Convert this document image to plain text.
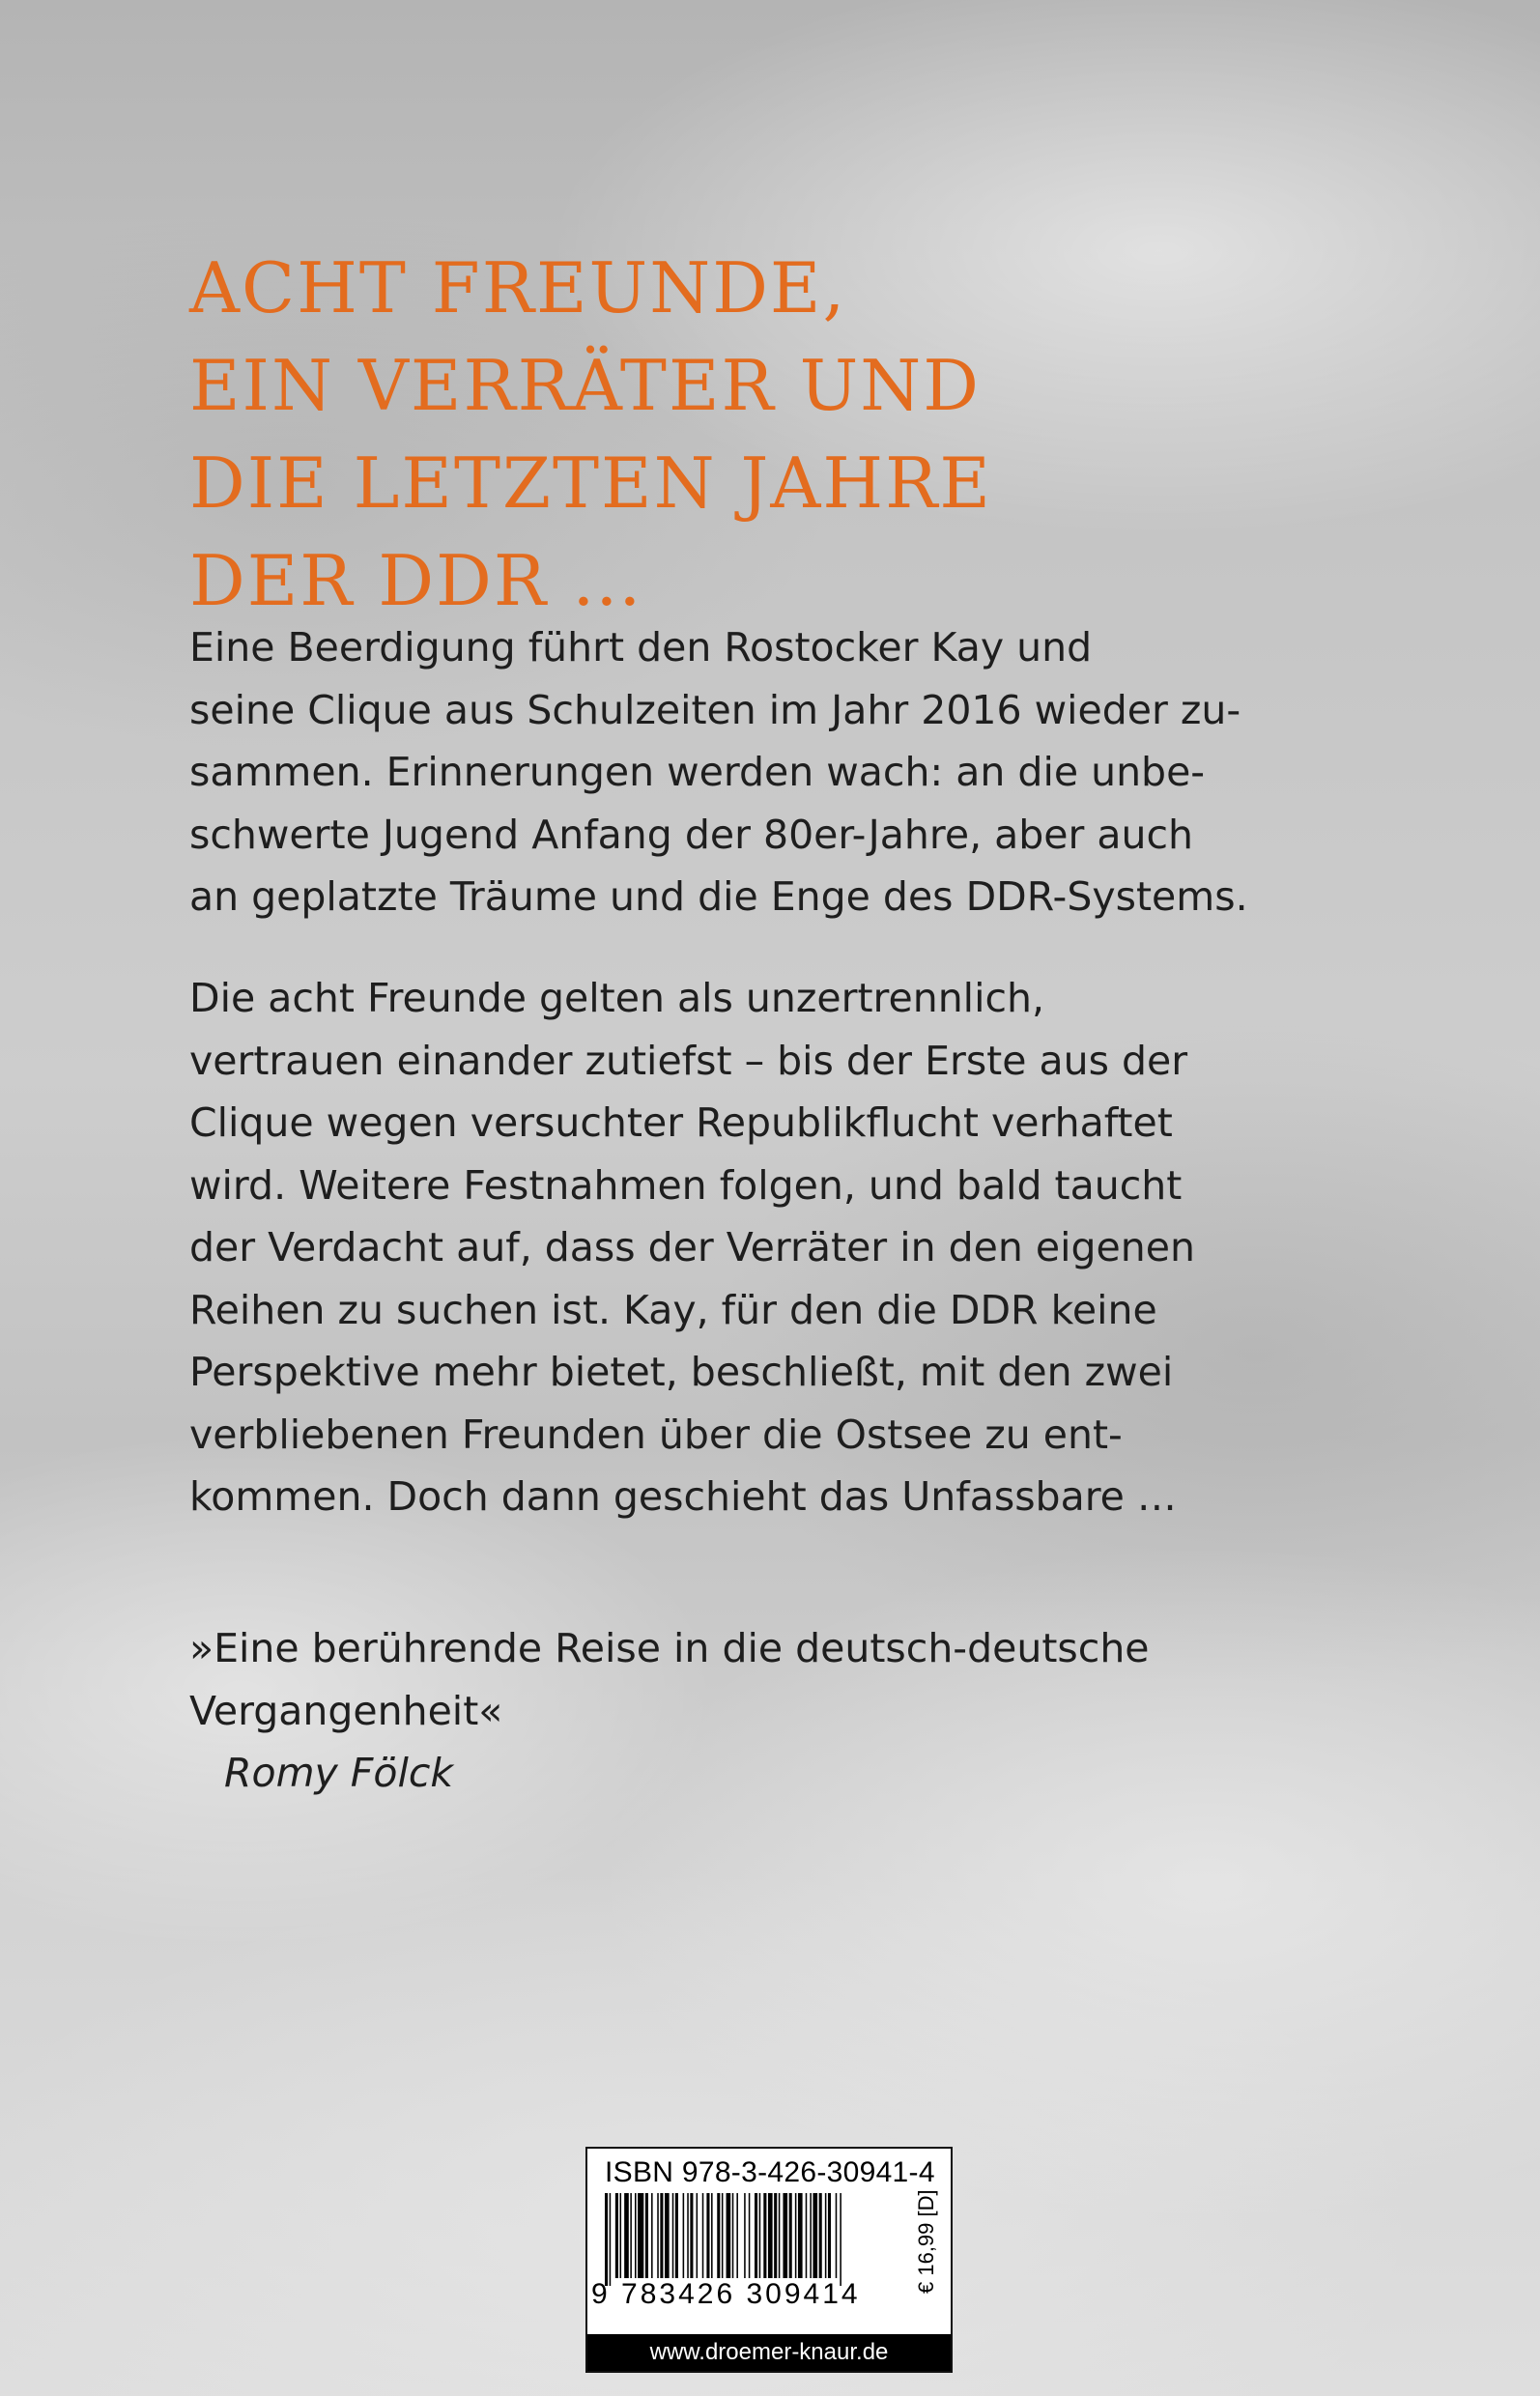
ACHT FREUNDE,
EIN VERRÄTER UND
DIE LETZTEN JAHRE
DER DDR …

Eine Beerdigung führt den Rostocker Kay und
seine Clique aus Schulzeiten im Jahr 2016 wieder zu-
sammen. Erinnerungen werden wach: an die unbe-
schwerte Jugend Anfang der 80er-Jahre, aber auch
an geplatzte Träume und die Enge des DDR-Systems.

Die acht Freunde gelten als unzertrennlich,
vertrauen einander zutiefst – bis der Erste aus der
Clique wegen versuchter Republikflucht verhaftet
wird. Weitere Festnahmen folgen, und bald taucht
der Verdacht auf, dass der Verräter in den eigenen
Reihen zu suchen ist. Kay, für den die DDR keine
Perspektive mehr bietet, beschließt, mit den zwei
verbliebenen Freunden über die Ostsee zu ent-
kommen. Doch dann geschieht das Unfassbare …

»Eine berührende Reise in die deutsch-deutsche
Vergangenheit«
Romy Fölck

ISBN 978-3-426-30941-4
9 783426 309414
€ 16,99 [D]
www.droemer-knaur.de
